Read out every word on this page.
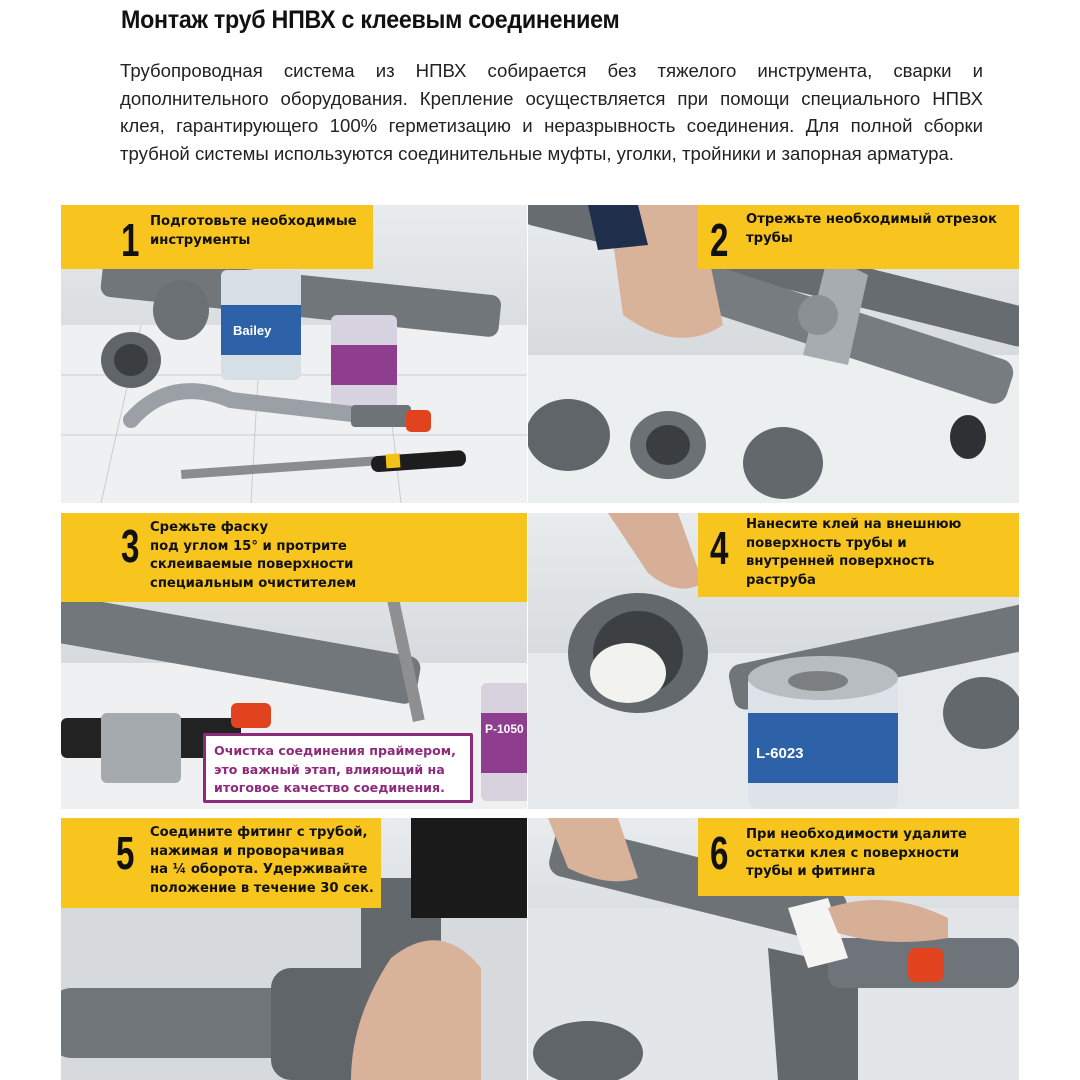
Монтаж труб НПВХ с клеевым соединением
Трубопроводная система из НПВХ собирается без тяжелого инструмента, сварки и дополнительного оборудования. Крепление осуществляется при помощи специального НПВХ клея, гарантирующего 100% герметизацию и неразрывность соединения. Для полной сборки трубной системы используются соединительные муфты, уголки, тройники и запорная арматура.
Bailey
1 Подготовьте необходимые
инструменты	2 Отрежьте необходимый отрезок
трубы
P-1050
3 Срежьте фаску
под углом 15° и протрите
склеиваемые поверхности
специальным очистителем
Очистка соединения праймером,
это важный этап, влияющий на
итоговое качество соединения.
L-6023
4 Нанесите клей на внешнюю
поверхность трубы и
внутренней поверхность
раструба
5 Соедините фитинг с трубой,
нажимая и проворачивая
на ¼ оборота. Удерживайте
положение в течение 30 сек.
6 При необходимости удалите
остатки клея с поверхности
трубы и фитинга
